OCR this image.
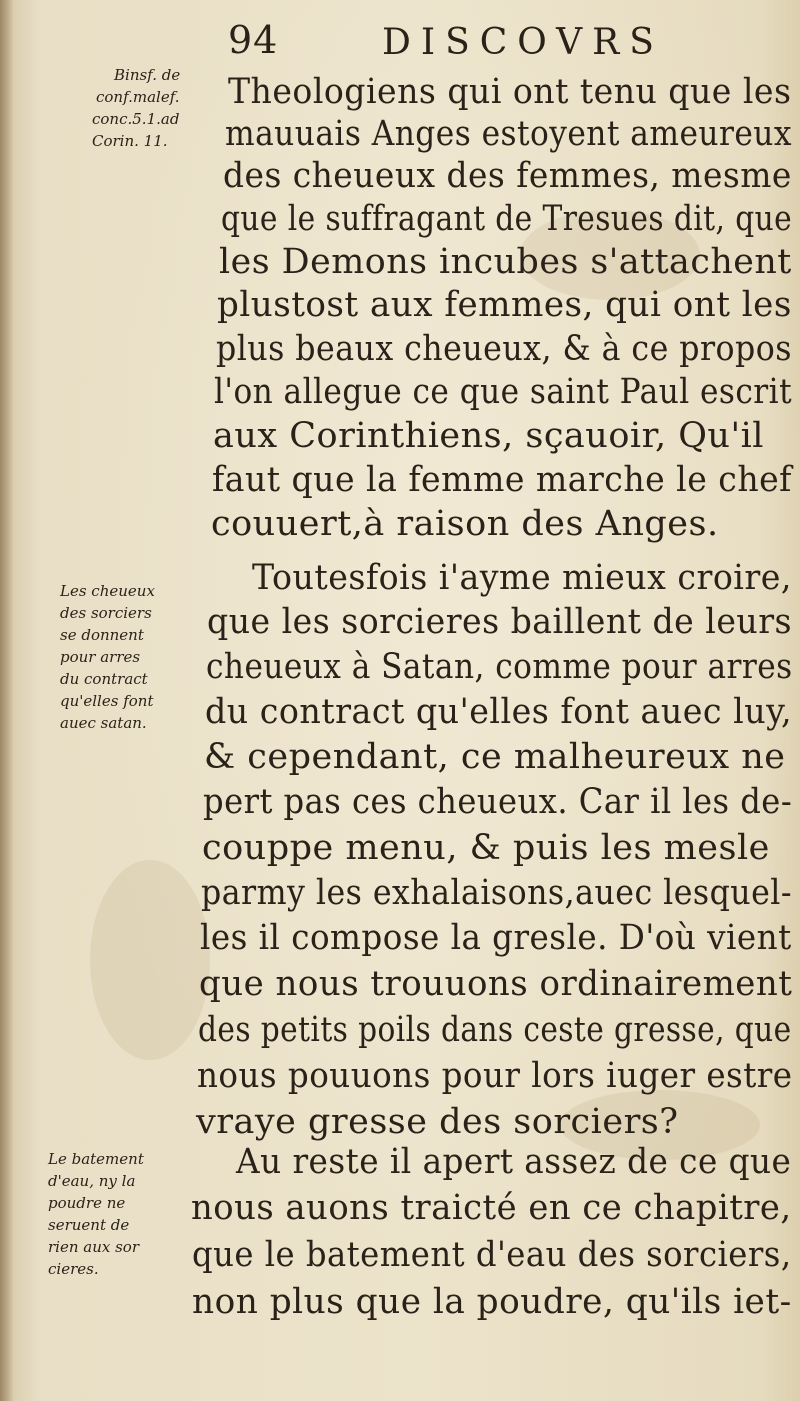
94	DISCOVRS
Theologiens qui ont tenu que les
mauuais Anges estoyent ameureux
des cheueux des femmes, mesme
que le suffragant de Tresues dit, que
les Demons incubes s'attachent
plustost aux femmes, qui ont les
plus beaux cheueux, & à ce propos
l'on allegue ce que saint Paul escrit
aux Corinthiens, sçauoir, Qu'il
faut que la femme marche le chef
couuert,à raison des Anges.
Toutesfois i'ayme mieux croire,
que les sorcieres baillent de leurs
cheueux à Satan, comme pour arres
du contract qu'elles font auec luy,
& cependant, ce malheureux ne
pert pas ces cheueux. Car il les de-
couppe menu, & puis les mesle
parmy les exhalaisons,auec lesquel-
les il compose la gresle. D'où vient
que nous trouuons ordinairement
des petits poils dans ceste gresse, que
nous pouuons pour lors iuger estre
vraye gresse des sorciers?
Au reste il apert assez de ce que
nous auons traicté en ce chapitre,
que le batement d'eau des sorciers,
non plus que la poudre, qu'ils iet-
Binsf. de
conf.malef.
conc.5.1.ad
Corin. 11.
Les cheueux
des sorciers
se donnent
pour arres
du contract
qu'elles font
auec satan.
Le batement
d'eau, ny la
poudre ne
seruent de
rien aux sor
cieres.
